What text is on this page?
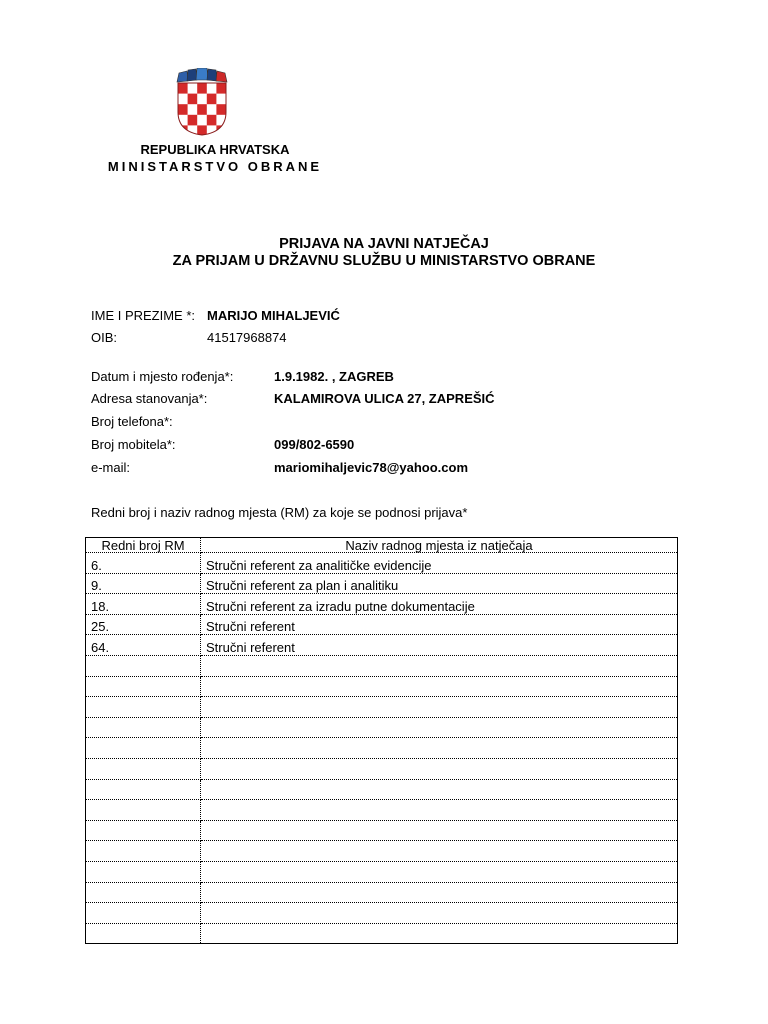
REPUBLIKA HRVATSKA
MINISTARSTVO OBRANE
PRIJAVA NA JAVNI NATJEČAJ
ZA PRIJAM U DRŽAVNU SLUŽBU U MINISTARSTVO OBRANE
IME I PREZIME *: MARIJO MIHALJEVIĆ
OIB:	41517968874
Datum i mjesto rođenja*:	1.9.1982. , ZAGREB
Adresa stanovanja*:	KALAMIROVA ULICA 27, ZAPREŠIĆ
Broj telefona*:
Broj mobitela*:	099/802-6590
e-mail:	mariomihaljevic78@yahoo.com
Redni broj i naziv radnog mjesta (RM) za koje se podnosi prijava*
Redni broj RM	Naziv radnog mjesta iz natječaja
6.	Stručni referent za analitičke evidencije
9.	Stručni referent za plan i analitiku
18.	Stručni referent za izradu putne dokumentacije
25.	Stručni referent
64.	Stručni referent
